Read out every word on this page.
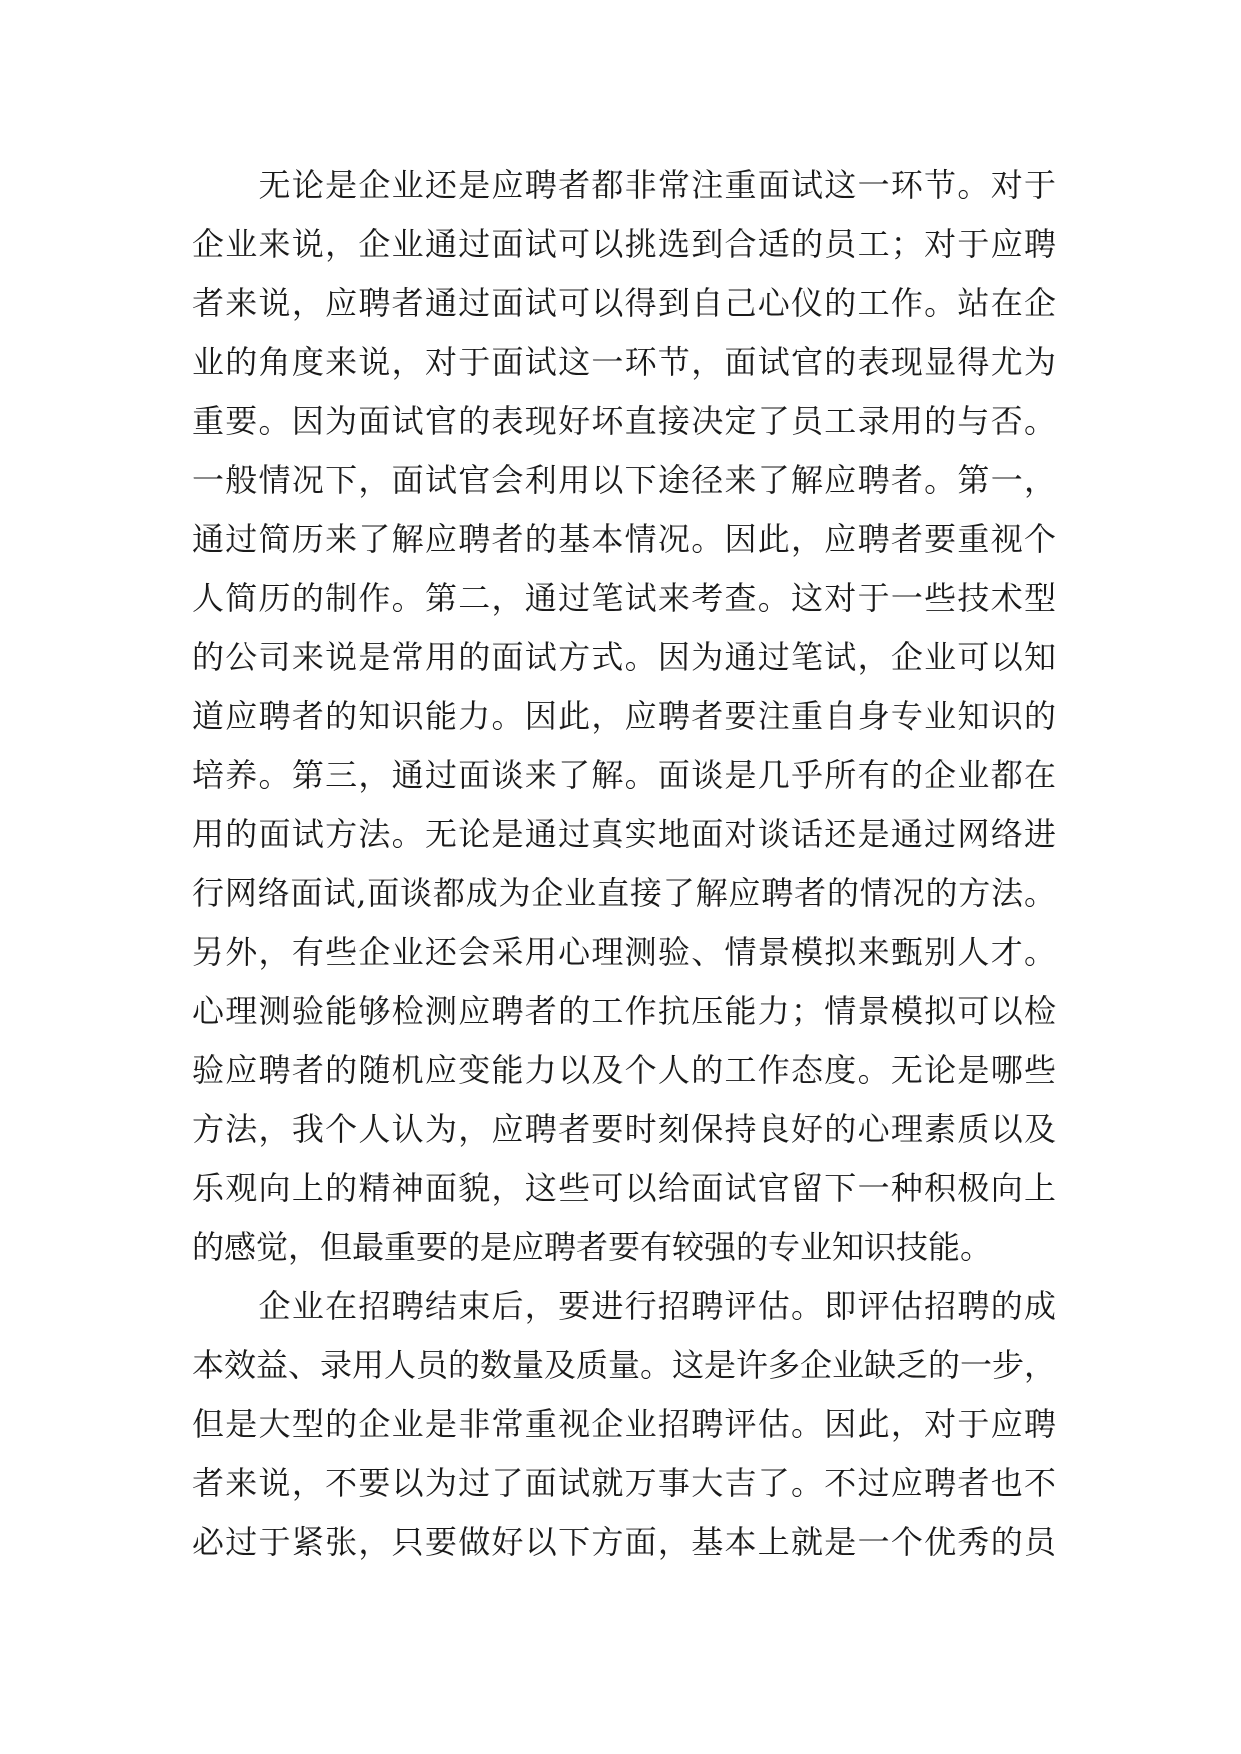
　　无论是企业还是应聘者都非常注重面试这一环节。对于
企业来说，企业通过面试可以挑选到合适的员工；对于应聘
者来说，应聘者通过面试可以得到自己心仪的工作。站在企
业的角度来说，对于面试这一环节，面试官的表现显得尤为
重要。因为面试官的表现好坏直接决定了员工录用的与否。
一般情况下，面试官会利用以下途径来了解应聘者。第一，
通过简历来了解应聘者的基本情况。因此，应聘者要重视个
人简历的制作。第二，通过笔试来考查。这对于一些技术型
的公司来说是常用的面试方式。因为通过笔试，企业可以知
道应聘者的知识能力。因此，应聘者要注重自身专业知识的
培养。第三，通过面谈来了解。面谈是几乎所有的企业都在
用的面试方法。无论是通过真实地面对谈话还是通过网络进
行网络面试,面谈都成为企业直接了解应聘者的情况的方法。
另外，有些企业还会采用心理测验、情景模拟来甄别人才。
心理测验能够检测应聘者的工作抗压能力；情景模拟可以检
验应聘者的随机应变能力以及个人的工作态度。无论是哪些
方法，我个人认为，应聘者要时刻保持良好的心理素质以及
乐观向上的精神面貌，这些可以给面试官留下一种积极向上
的感觉，但最重要的是应聘者要有较强的专业知识技能。
　　企业在招聘结束后，要进行招聘评估。即评估招聘的成
本效益、录用人员的数量及质量。这是许多企业缺乏的一步，
但是大型的企业是非常重视企业招聘评估。因此，对于应聘
者来说，不要以为过了面试就万事大吉了。不过应聘者也不
必过于紧张，只要做好以下方面，基本上就是一个优秀的员
